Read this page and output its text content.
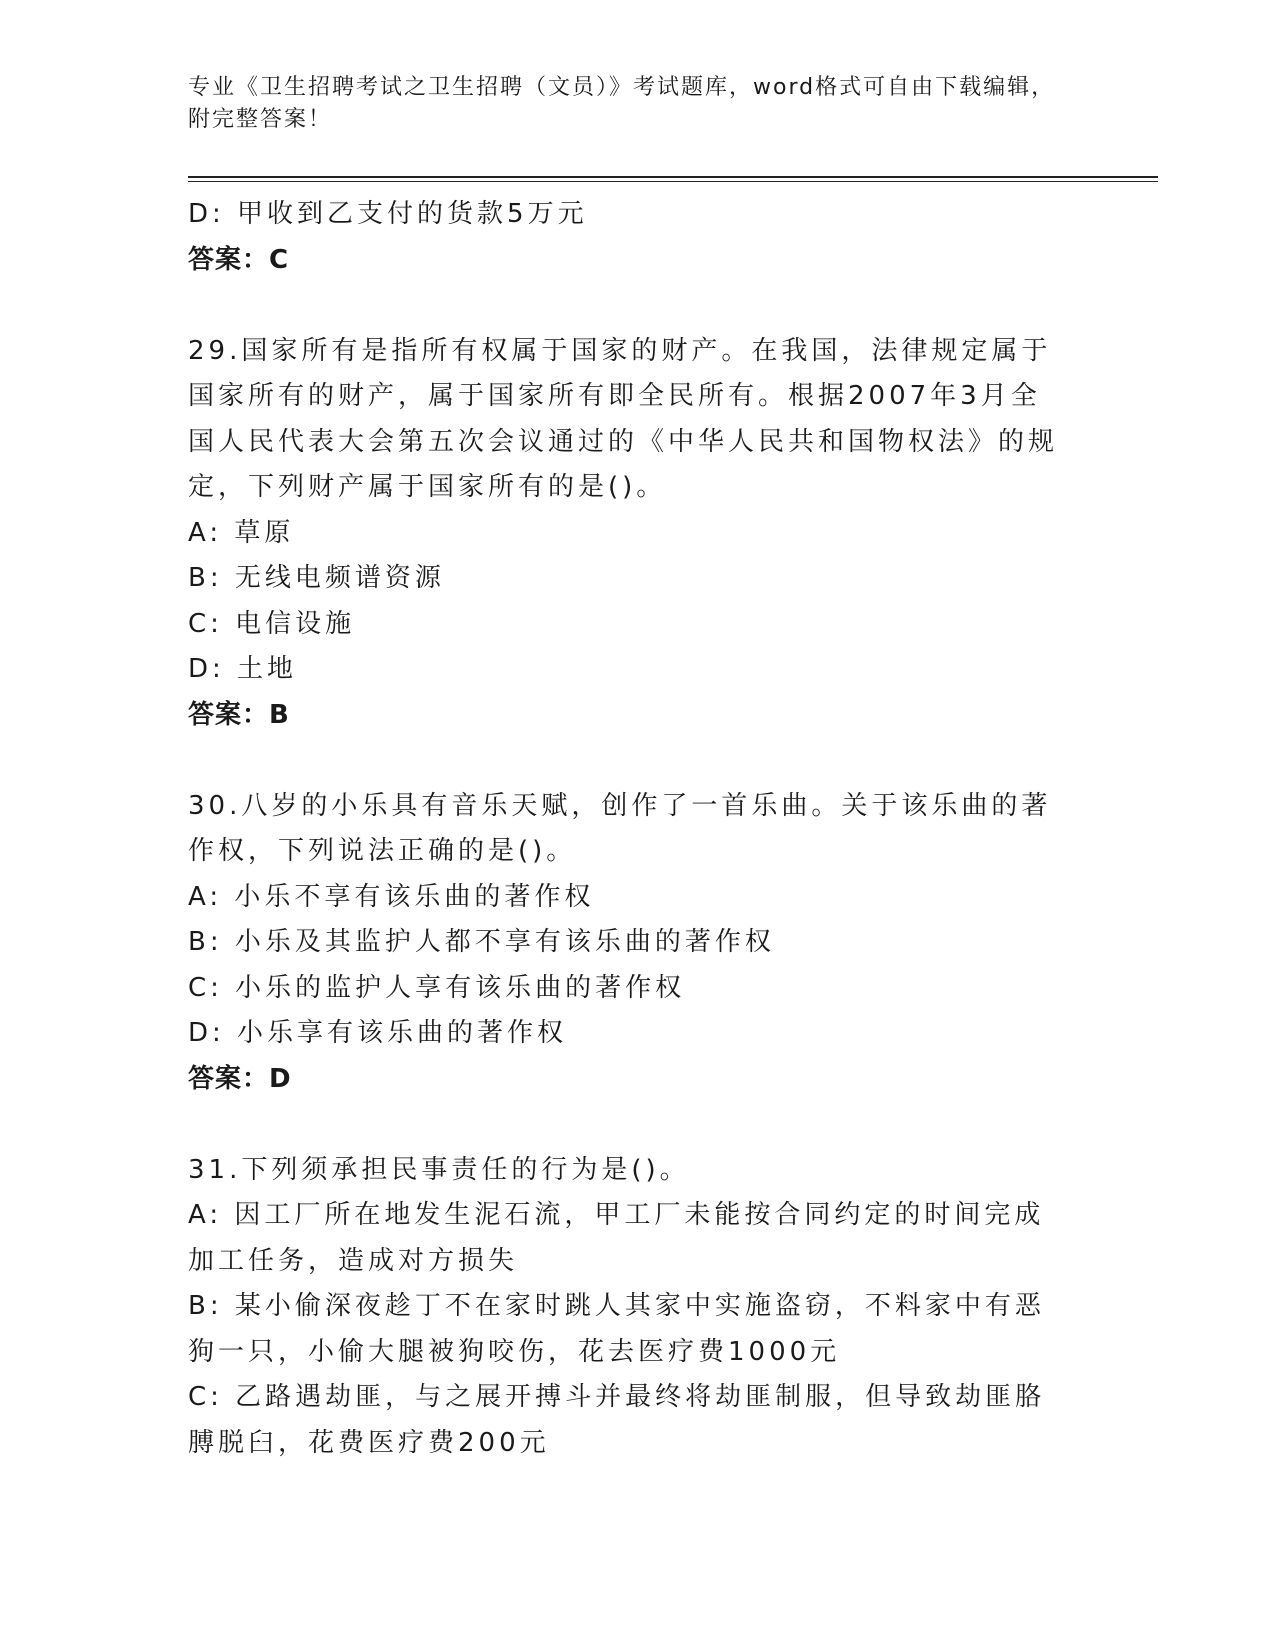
专业《卫生招聘考试之卫生招聘（文员）》考试题库，word格式可自由下载编辑，附完整答案！

D: 甲收到乙支付的货款5万元

答案：C

29.国家所有是指所有权属于国家的财产。在我国，法律规定属于国家所有的财产，属于国家所有即全民所有。根据2007年3月全国人民代表大会第五次会议通过的《中华人民共和国物权法》的规定，下列财产属于国家所有的是()。

A: 草原

B: 无线电频谱资源

C: 电信设施

D: 土地

答案：B

30.八岁的小乐具有音乐天赋，创作了一首乐曲。关于该乐曲的著作权，下列说法正确的是()。

A: 小乐不享有该乐曲的著作权

B: 小乐及其监护人都不享有该乐曲的著作权

C: 小乐的监护人享有该乐曲的著作权

D: 小乐享有该乐曲的著作权

答案：D

31.下列须承担民事责任的行为是()。

A: 因工厂所在地发生泥石流，甲工厂未能按合同约定的时间完成加工任务，造成对方损失

B: 某小偷深夜趁丁不在家时跳人其家中实施盗窃，不料家中有恶狗一只，小偷大腿被狗咬伤，花去医疗费1000元

C: 乙路遇劫匪，与之展开搏斗并最终将劫匪制服，但导致劫匪胳膊脱臼，花费医疗费200元
